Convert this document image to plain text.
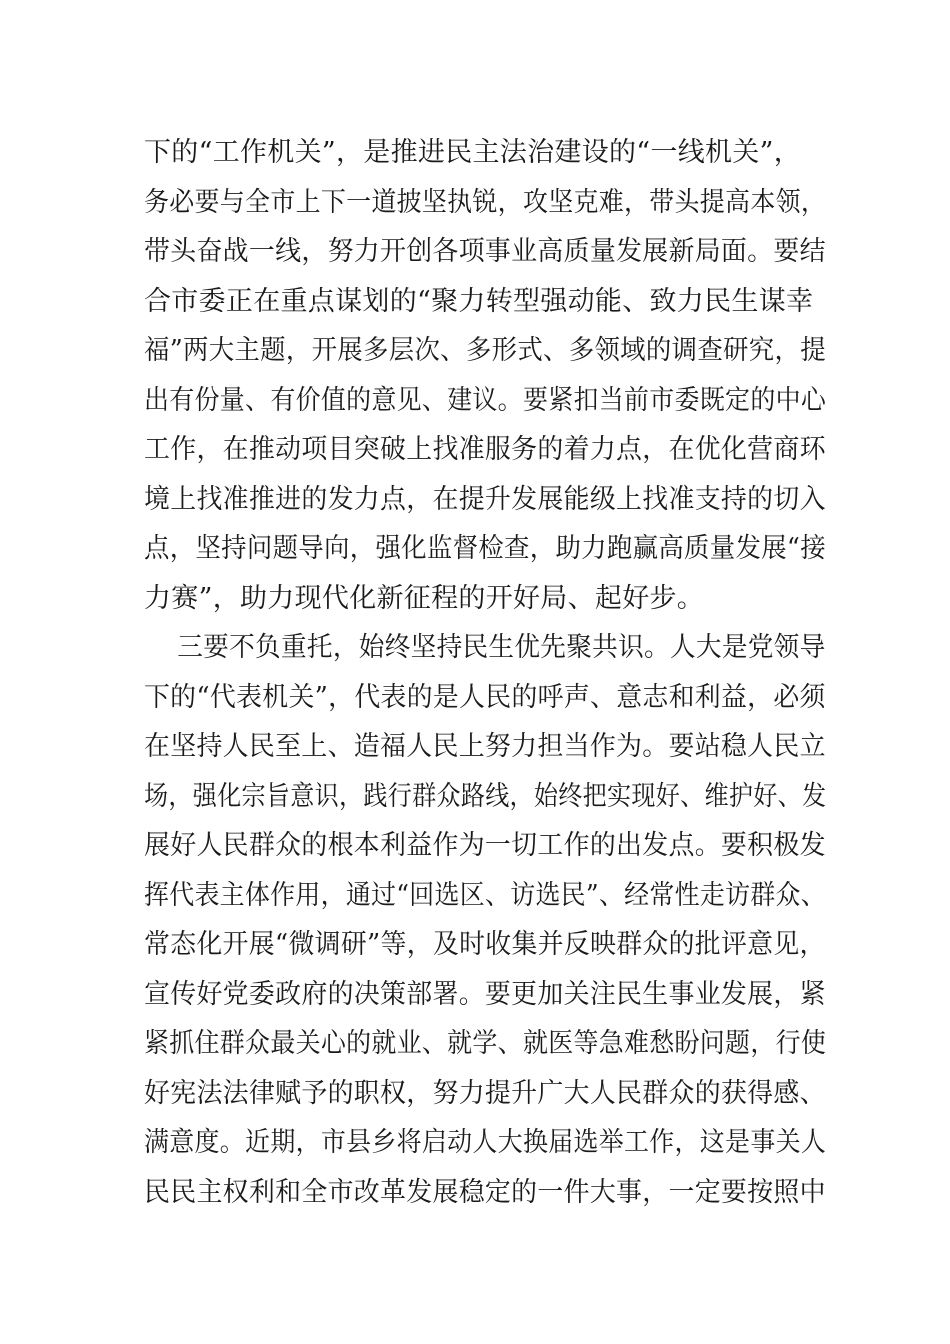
下的“工作机关”，是推进民主法治建设的“一线机关”，
务必要与全市上下一道披坚执锐，攻坚克难，带头提高本领，
带头奋战一线，努力开创各项事业高质量发展新局面。要结
合市委正在重点谋划的“聚力转型强动能、致力民生谋幸
福”两大主题，开展多层次、多形式、多领域的调查研究，提
出有份量、有价值的意见、建议。要紧扣当前市委既定的中心
工作，在推动项目突破上找准服务的着力点，在优化营商环
境上找准推进的发力点，在提升发展能级上找准支持的切入
点，坚持问题导向，强化监督检查，助力跑赢高质量发展“接
力赛”，助力现代化新征程的开好局、起好步。
三要不负重托，始终坚持民生优先聚共识。人大是党领导
下的“代表机关”，代表的是人民的呼声、意志和利益，必须
在坚持人民至上、造福人民上努力担当作为。要站稳人民立
场，强化宗旨意识，践行群众路线，始终把实现好、维护好、发
展好人民群众的根本利益作为一切工作的出发点。要积极发
挥代表主体作用，通过“回选区、访选民”、经常性走访群众、
常态化开展“微调研”等，及时收集并反映群众的批评意见，
宣传好党委政府的决策部署。要更加关注民生事业发展，紧
紧抓住群众最关心的就业、就学、就医等急难愁盼问题，行使
好宪法法律赋予的职权，努力提升广大人民群众的获得感、
满意度。近期，市县乡将启动人大换届选举工作，这是事关人
民民主权利和全市改革发展稳定的一件大事，一定要按照中
